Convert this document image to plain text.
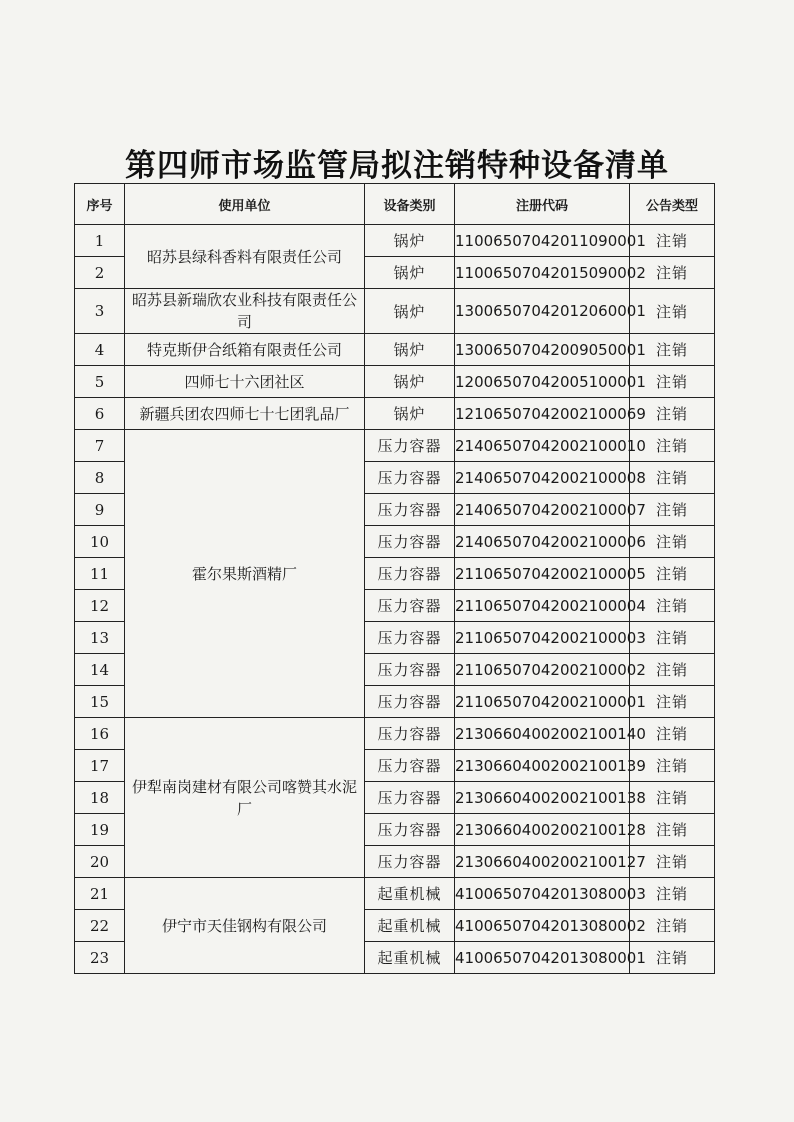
第四师市场监管局拟注销特种设备清单
序号	使用单位	设备类别	注册代码	公告类型
1	昭苏县绿科香料有限责任公司	锅炉	11006507042011090001	注销
2		锅炉	11006507042015090002	注销
3	昭苏县新瑞欣农业科技有限责任公司	锅炉	13006507042012060001	注销
4	特克斯伊合纸箱有限责任公司	锅炉	13006507042009050001	注销
5	四师七十六团社区	锅炉	12006507042005100001	注销
6	新疆兵团农四师七十七团乳品厂	锅炉	12106507042002100069	注销
7	霍尔果斯酒精厂	压力容器	21406507042002100010	注销
8		压力容器	21406507042002100008	注销
9		压力容器	21406507042002100007	注销
10		压力容器	21406507042002100006	注销
11		压力容器	21106507042002100005	注销
12		压力容器	21106507042002100004	注销
13		压力容器	21106507042002100003	注销
14		压力容器	21106507042002100002	注销
15		压力容器	21106507042002100001	注销
16	伊犁南岗建材有限公司喀赞其水泥厂	压力容器	21306604002002100140	注销
17		压力容器	21306604002002100139	注销
18		压力容器	21306604002002100138	注销
19		压力容器	21306604002002100128	注销
20		压力容器	21306604002002100127	注销
21	伊宁市天佳钢构有限公司	起重机械	41006507042013080003	注销
22		起重机械	41006507042013080002	注销
23		起重机械	41006507042013080001	注销
